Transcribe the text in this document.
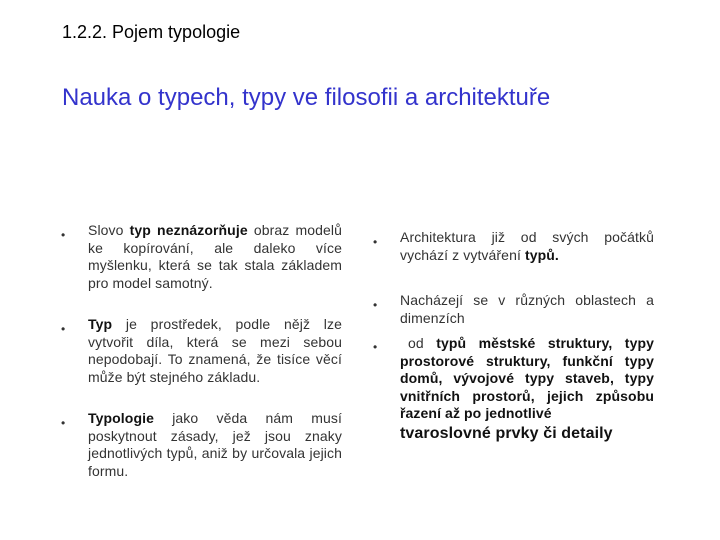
1.2.2. Pojem typologie
Nauka o typech, typy ve filosofii a architektuře
• Slovo typ neznázorňuje obraz modelů ke kopírování, ale daleko více myšlenku, která se tak stala základem pro model samotný.
• Typ je prostředek, podle nějž lze vytvořit díla, která se mezi sebou nepodobají. To znamená, že tisíce věcí může být stejného základu.
• Typologie jako věda nám musí poskytnout zásady, jež jsou znaky jednotlivých typů, aniž by určovala jejich formu.
• Architektura již od svých počátků vychází z vytváření typů.
• Nacházejí se v různých oblastech a dimenzích
•	od typů městské struktury, typy prostorové struktury, funkční typy domů, vývojové typy staveb, typy vnitřních prostorů, jejich způsobu řazení až po jednotlivé
tvaroslovné prvky či detaily
